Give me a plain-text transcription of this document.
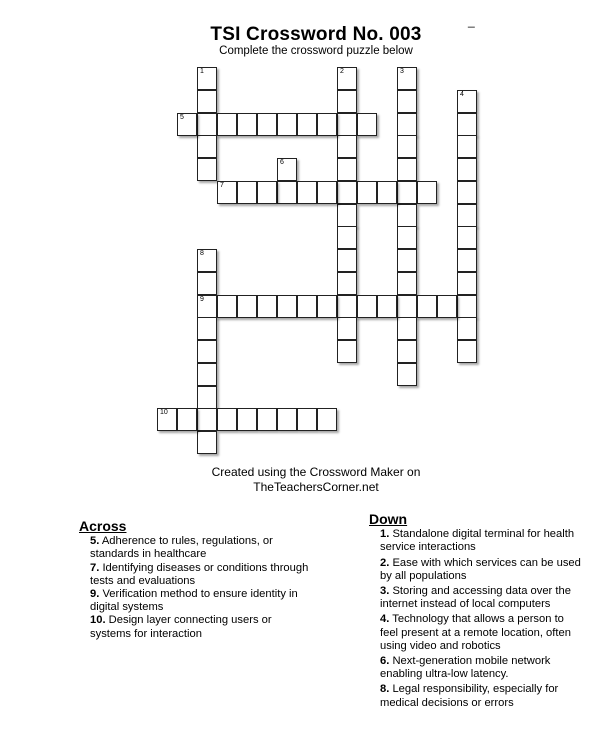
_
TSI Crossword No. 003
Complete the crossword puzzle below
1	2	3
4
5
6
7
8
9
10
Created using the Crossword Maker on
TheTeachersCorner.net
Across

5. Adherence to rules, regulations, or standards in healthcare

7. Identifying diseases or conditions through tests and evaluations

9. Verification method to ensure identity in digital systems

10. Design layer connecting users or systems for interaction

Down

1. Standalone digital terminal for health service interactions

2. Ease with which services can be used by all populations

3. Storing and accessing data over the internet instead of local computers

4. Technology that allows a person to feel present at a remote location, often using video and robotics

6. Next-generation mobile network enabling ultra-low latency.

8. Legal responsibility, especially for medical decisions or errors
